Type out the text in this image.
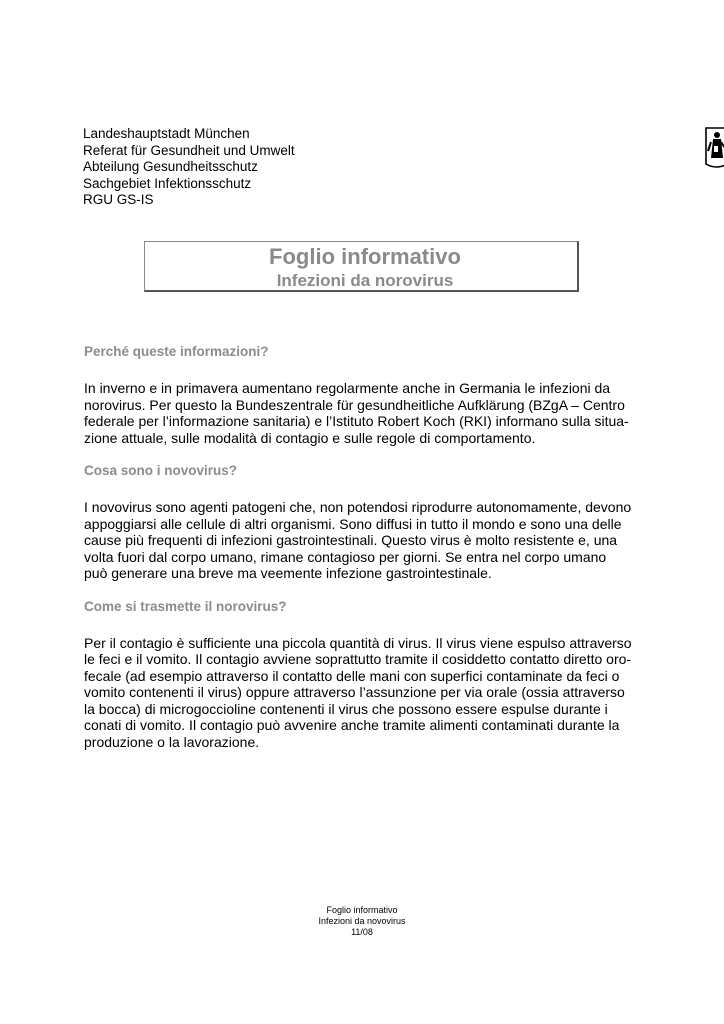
Landeshauptstadt München
Referat für Gesundheit und Umwelt
Abteilung Gesundheitsschutz
Sachgebiet Infektionsschutz
RGU GS-IS
Foglio informativo
Infezioni da norovirus

Perché queste informazioni?

In inverno e in primavera aumentano regolarmente anche in Germania le infezioni da
norovirus. Per questo la Bundeszentrale für gesundheitliche Aufklärung (BZgA – Centro
federale per l’informazione sanitaria) e l’Istituto Robert Koch (RKI) informano sulla situa-
zione attuale, sulle modalità di contagio e sulle regole di comportamento.

Cosa sono i novovirus?

I novovirus sono agenti patogeni che, non potendosi riprodurre autonomamente, devono
appoggiarsi alle cellule di altri organismi. Sono diffusi in tutto il mondo e sono una delle
cause più frequenti di infezioni gastrointestinali. Questo virus è molto resistente e, una
volta fuori dal corpo umano, rimane contagioso per giorni. Se entra nel corpo umano
può generare una breve ma veemente infezione gastrointestinale.

Come si trasmette il norovirus?

Per il contagio è sufficiente una piccola quantità di virus. Il virus viene espulso attraverso
le feci e il vomito. Il contagio avviene soprattutto tramite il cosiddetto contatto diretto oro-
fecale (ad esempio attraverso il contatto delle mani con superfici contaminate da feci o
vomito contenenti il virus) oppure attraverso l’assunzione per via orale (ossia attraverso
la bocca) di microgoccioline contenenti il virus che possono essere espulse durante i
conati di vomito. Il contagio può avvenire anche tramite alimenti contaminati durante la
produzione o la lavorazione.
Foglio informativo
Infezioni da novovirus
11/08
